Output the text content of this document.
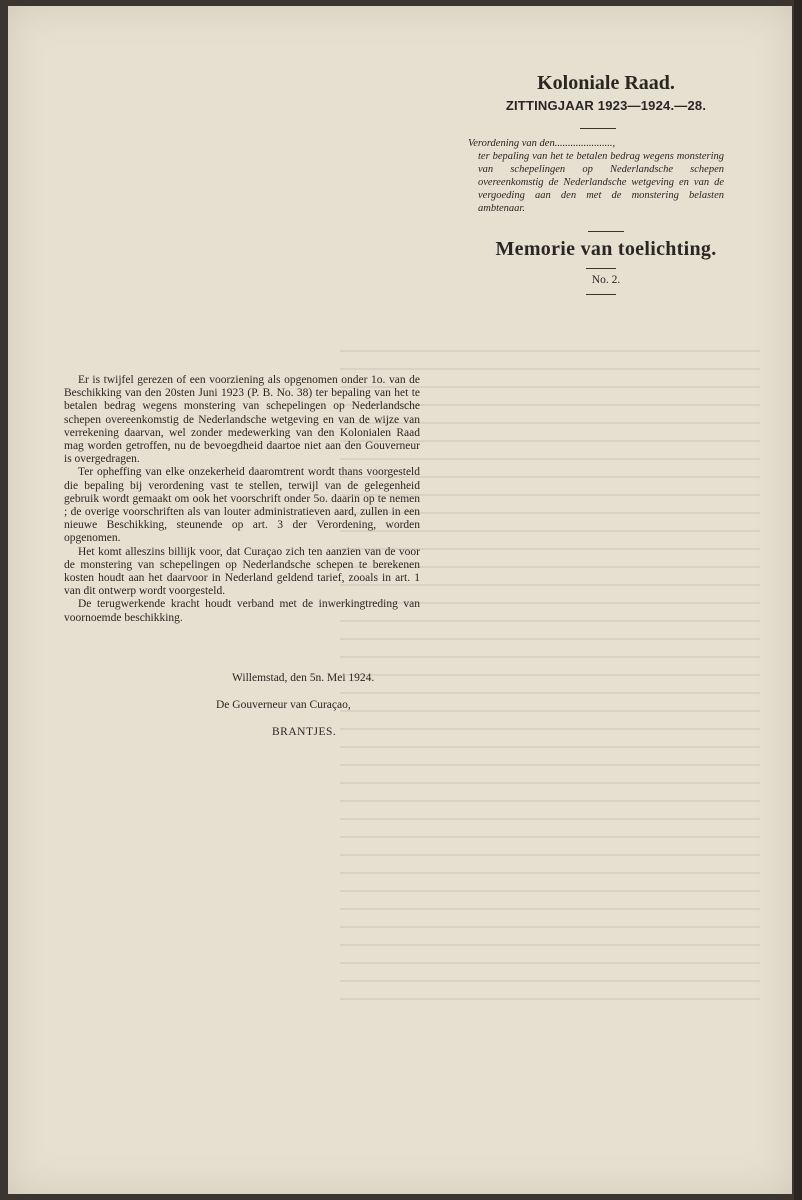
Koloniale Raad.
ZITTINGJAAR 1923—1924.—28.
Verordening van den......................,
ter bepaling van het te betalen bedrag wegens monstering van schepelingen op Nederlandsche schepen overeenkomstig de Nederlandsche wetgeving en van de vergoeding aan den met de monstering belasten ambtenaar.
Memorie van toelichting.
No. 2.

Er is twijfel gerezen of een voorziening als opgenomen onder 1o. van de Beschikking van den 20sten Juni 1923 (P. B. No. 38) ter bepaling van het te betalen bedrag wegens monstering van schepelingen op Nederlandsche schepen overeenkomstig de Nederlandsche wetgeving en van de wijze van verrekening daarvan, wel zonder medewerking van den Kolonialen Raad mag worden getroffen, nu de bevoegdheid daartoe niet aan den Gouverneur is overgedragen.

Ter opheffing van elke onzekerheid daaromtrent wordt thans voorgesteld die bepaling bij verordening vast te stellen, terwijl van de gelegenheid gebruik wordt gemaakt om ook het voorschrift onder 5o. daarin op te nemen ; de overige voorschriften als van louter administratieven aard, zullen in een nieuwe Beschikking, steunende op art. 3 der Verordening, worden opgenomen.

Het komt alleszins billijk voor, dat Curaçao zich ten aanzien van de voor de monstering van schepelingen op Nederlandsche schepen te berekenen kosten houdt aan het daarvoor in Nederland geldend tarief, zooals in art. 1 van dit ontwerp wordt voorgesteld.

De terugwerkende kracht houdt verband met de inwerkingtreding van voornoemde beschikking.

Willemstad, den 5n. Mei 1924.
De Gouverneur van Curaçao,
BRANTJES.
